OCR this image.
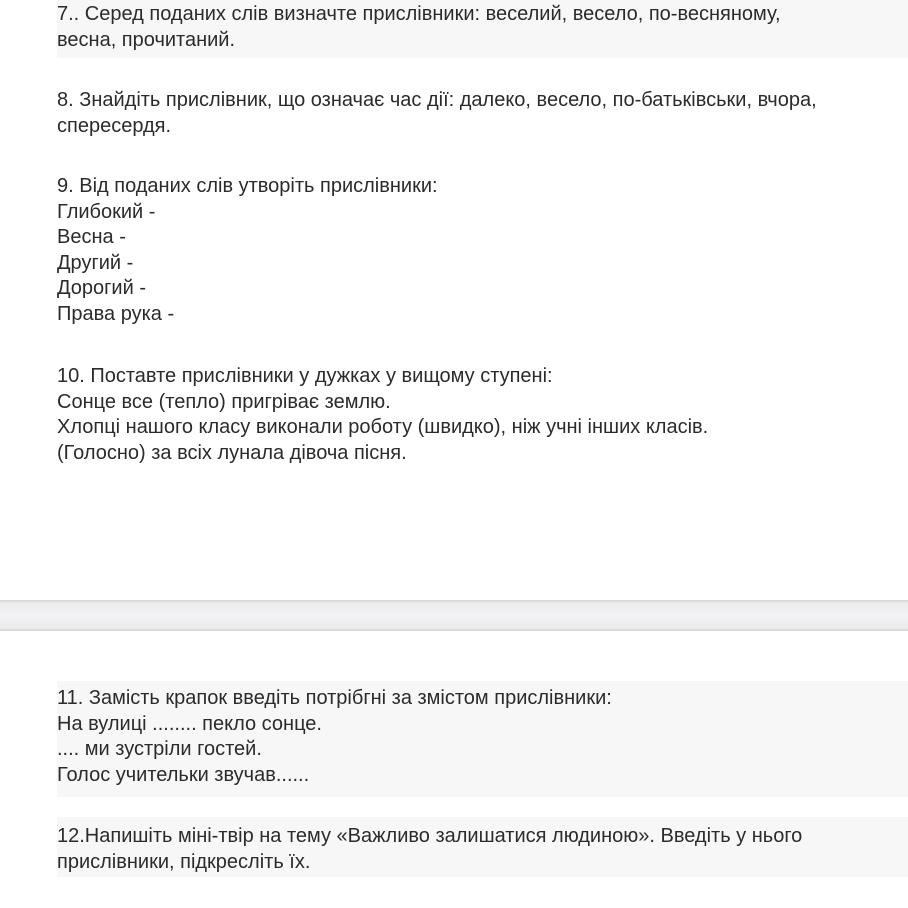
7.. Серед поданих слів визначте прислівники: веселий, весело, по-весняному,
весна, прочитаний.
8. Знайдіть прислівник, що означає час дії: далеко, весело, по-батьківськи, вчора,
спересердя.
9. Від поданих слів утворіть прислівники:
Глибокий -
Весна -
Другий -
Дорогий -
Права рука -
10. Поставте прислівники у дужках у вищому ступені:
Сонце все (тепло) пригріває землю.
Хлопці нашого класу виконали роботу (швидко), ніж учні інших класів.
(Голосно) за всіх лунала дівоча пісня.
11. Замість крапок введіть потрібгні за змістом прислівники:
На вулиці ........ пекло сонце.
.... ми зустріли гостей.
Голос учительки звучав......
12.Напишіть міні-твір на тему «Важливо залишатися людиною». Введіть у нього
прислівники, підкресліть їх.
